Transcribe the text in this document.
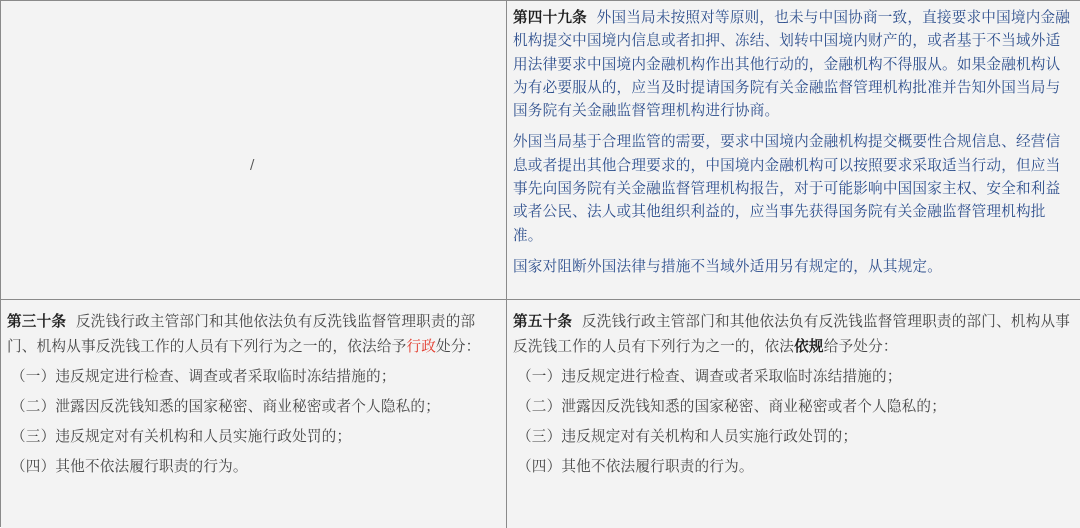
/

第四十九条 外国当局未按照对等原则，也未与中国协商一致，直接要求中国境内金融机构提交中国境内信息或者扣押、冻结、划转中国境内财产的，或者基于不当域外适用法律要求中国境内金融机构作出其他行动的，金融机构不得服从。如果金融机构认为有必要服从的，应当及时提请国务院有关金融监督管理机构批准并告知外国当局与国务院有关金融监督管理机构进行协商。

外国当局基于合理监管的需要，要求中国境内金融机构提交概要性合规信息、经营信息或者提出其他合理要求的，中国境内金融机构可以按照要求采取适当行动，但应当事先向国务院有关金融监督管理机构报告，对于可能影响中国国家主权、安全和利益或者公民、法人或其他组织利益的，应当事先获得国务院有关金融监督管理机构批准。

国家对阻断外国法律与措施不当域外适用另有规定的，从其规定。

第三十条 反洗钱行政主管部门和其他依法负有反洗钱监督管理职责的部门、机构从事反洗钱工作的人员有下列行为之一的，依法给予行政处分：

（一）违反规定进行检查、调查或者采取临时冻结措施的；

（二）泄露因反洗钱知悉的国家秘密、商业秘密或者个人隐私的；

（三）违反规定对有关机构和人员实施行政处罚的；

（四）其他不依法履行职责的行为。

第五十条 反洗钱行政主管部门和其他依法负有反洗钱监督管理职责的部门、机构从事反洗钱工作的人员有下列行为之一的，依法依规给予处分：

（一）违反规定进行检查、调查或者采取临时冻结措施的；

（二）泄露因反洗钱知悉的国家秘密、商业秘密或者个人隐私的；

（三）违反规定对有关机构和人员实施行政处罚的；

（四）其他不依法履行职责的行为。
